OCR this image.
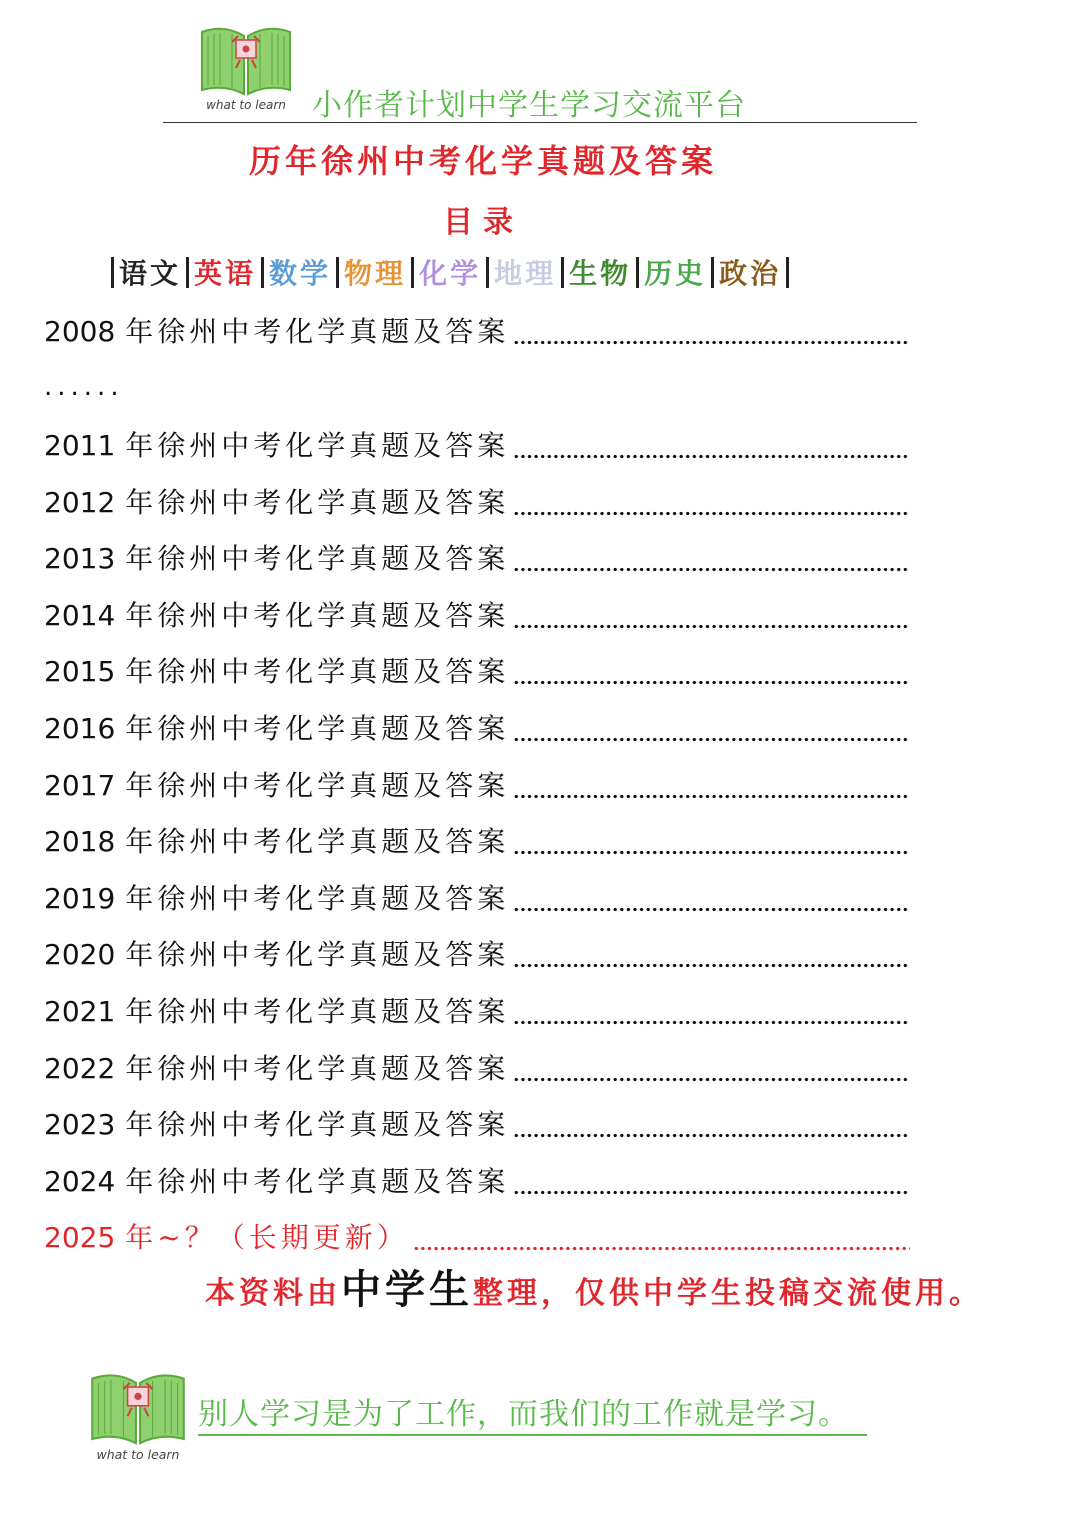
what to learn 小作者计划中学生学习交流平台
历年徐州中考化学真题及答案
目录
语文 英语 数学 物理 化学 地理 生物 历史 政治
2008 年徐州中考化学真题及答案
......
2011 年徐州中考化学真题及答案
2012 年徐州中考化学真题及答案
2013 年徐州中考化学真题及答案
2014 年徐州中考化学真题及答案
2015 年徐州中考化学真题及答案
2016 年徐州中考化学真题及答案
2017 年徐州中考化学真题及答案
2018 年徐州中考化学真题及答案
2019 年徐州中考化学真题及答案
2020 年徐州中考化学真题及答案
2021 年徐州中考化学真题及答案
2022 年徐州中考化学真题及答案
2023 年徐州中考化学真题及答案
2024 年徐州中考化学真题及答案
2025 年~？（长期更新）
本资料由中学生整理，仅供中学生投稿交流使用。
what to learn
别人学习是为了工作，而我们的工作就是学习。
